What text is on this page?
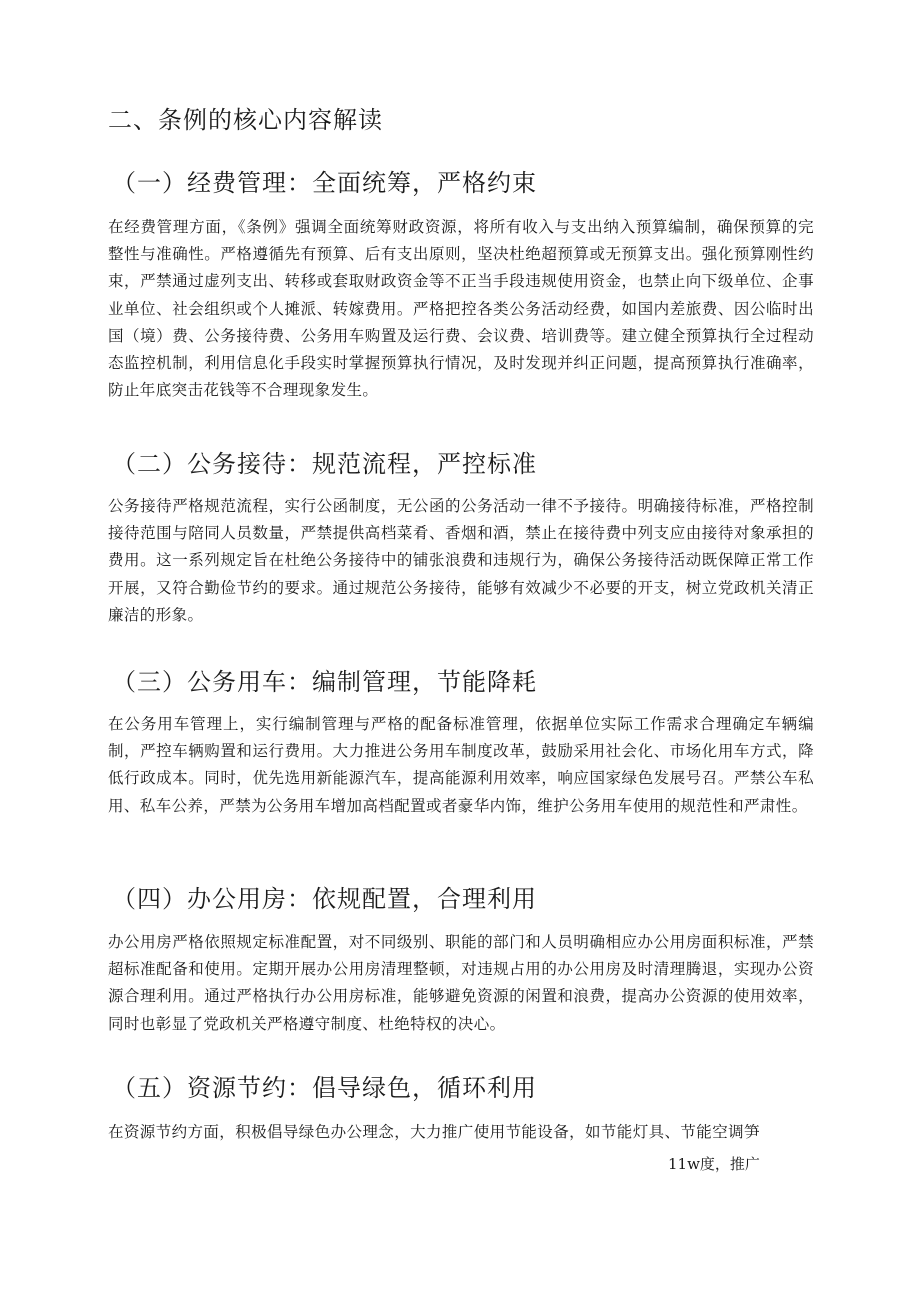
二、条例的核心内容解读
（一）经费管理：全面统筹，严格约束

在经费管理方面，《条例》强调全面统筹财政资源，将所有收入与支出纳入预算编制，确保预算的完整性与准确性。严格遵循先有预算、后有支出原则，坚决杜绝超预算或无预算支出。强化预算刚性约束，严禁通过虚列支出、转移或套取财政资金等不正当手段违规使用资金，也禁止向下级单位、企事业单位、社会组织或个人摊派、转嫁费用。严格把控各类公务活动经费，如国内差旅费、因公临时出国（境）费、公务接待费、公务用车购置及运行费、会议费、培训费等。建立健全预算执行全过程动态监控机制，利用信息化手段实时掌握预算执行情况，及时发现并纠正问题，提高预算执行准确率，防止年底突击花钱等不合理现象发生。

（二）公务接待：规范流程，严控标准

公务接待严格规范流程，实行公函制度，无公函的公务活动一律不予接待。明确接待标准，严格控制接待范围与陪同人员数量，严禁提供高档菜肴、香烟和酒，禁止在接待费中列支应由接待对象承担的费用。这一系列规定旨在杜绝公务接待中的铺张浪费和违规行为，确保公务接待活动既保障正常工作开展，又符合勤俭节约的要求。通过规范公务接待，能够有效减少不必要的开支，树立党政机关清正廉洁的形象。

（三）公务用车：编制管理，节能降耗

在公务用车管理上，实行编制管理与严格的配备标准管理，依据单位实际工作需求合理确定车辆编制，严控车辆购置和运行费用。大力推进公务用车制度改革，鼓励采用社会化、市场化用车方式，降低行政成本。同时，优先选用新能源汽车，提高能源利用效率，响应国家绿色发展号召。严禁公车私用、私车公养，严禁为公务用车增加高档配置或者豪华内饰，维护公务用车使用的规范性和严肃性。

（四）办公用房：依规配置，合理利用

办公用房严格依照规定标准配置，对不同级别、职能的部门和人员明确相应办公用房面积标准，严禁超标准配备和使用。定期开展办公用房清理整顿，对违规占用的办公用房及时清理腾退，实现办公资源合理利用。通过严格执行办公用房标准，能够避免资源的闲置和浪费，提高办公资源的使用效率，同时也彰显了党政机关严格遵守制度、杜绝特权的决心。

（五）资源节约：倡导绿色，循环利用

在资源节约方面，积极倡导绿色办公理念，大力推广使用节能设备，如节能灯具、节能空调笋

11w度，推广
